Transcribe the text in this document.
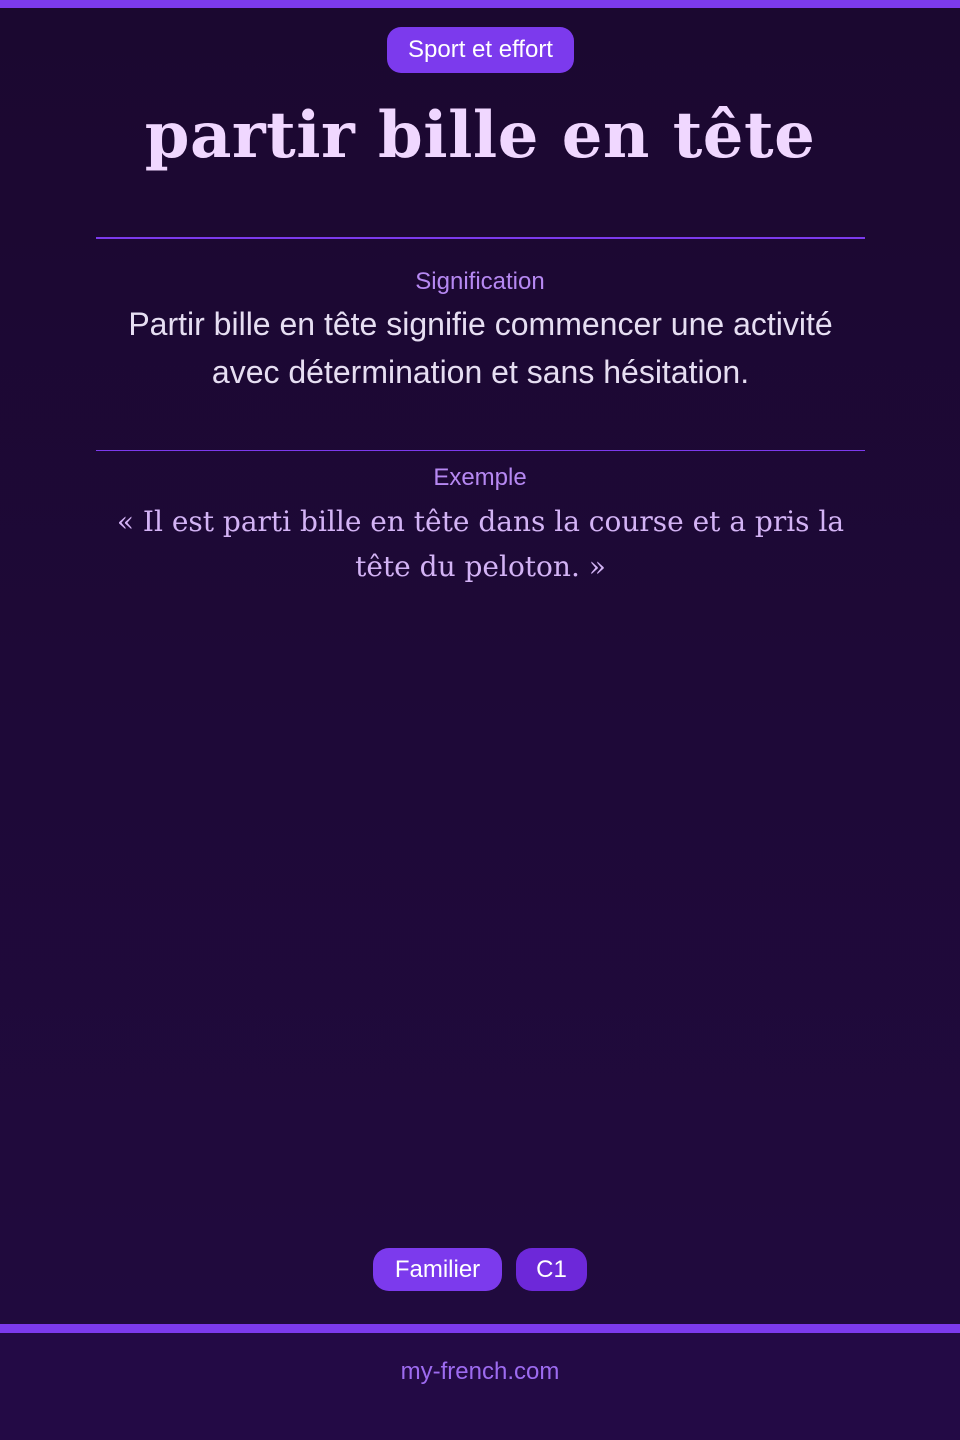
Sport et effort
partir bille en tête
Signification

Partir bille en tête signifie commencer une activité avec détermination et sans hésitation.

Exemple

« Il est parti bille en tête dans la course et a pris la tête du peloton. »

Familier	C1
my-french.com
